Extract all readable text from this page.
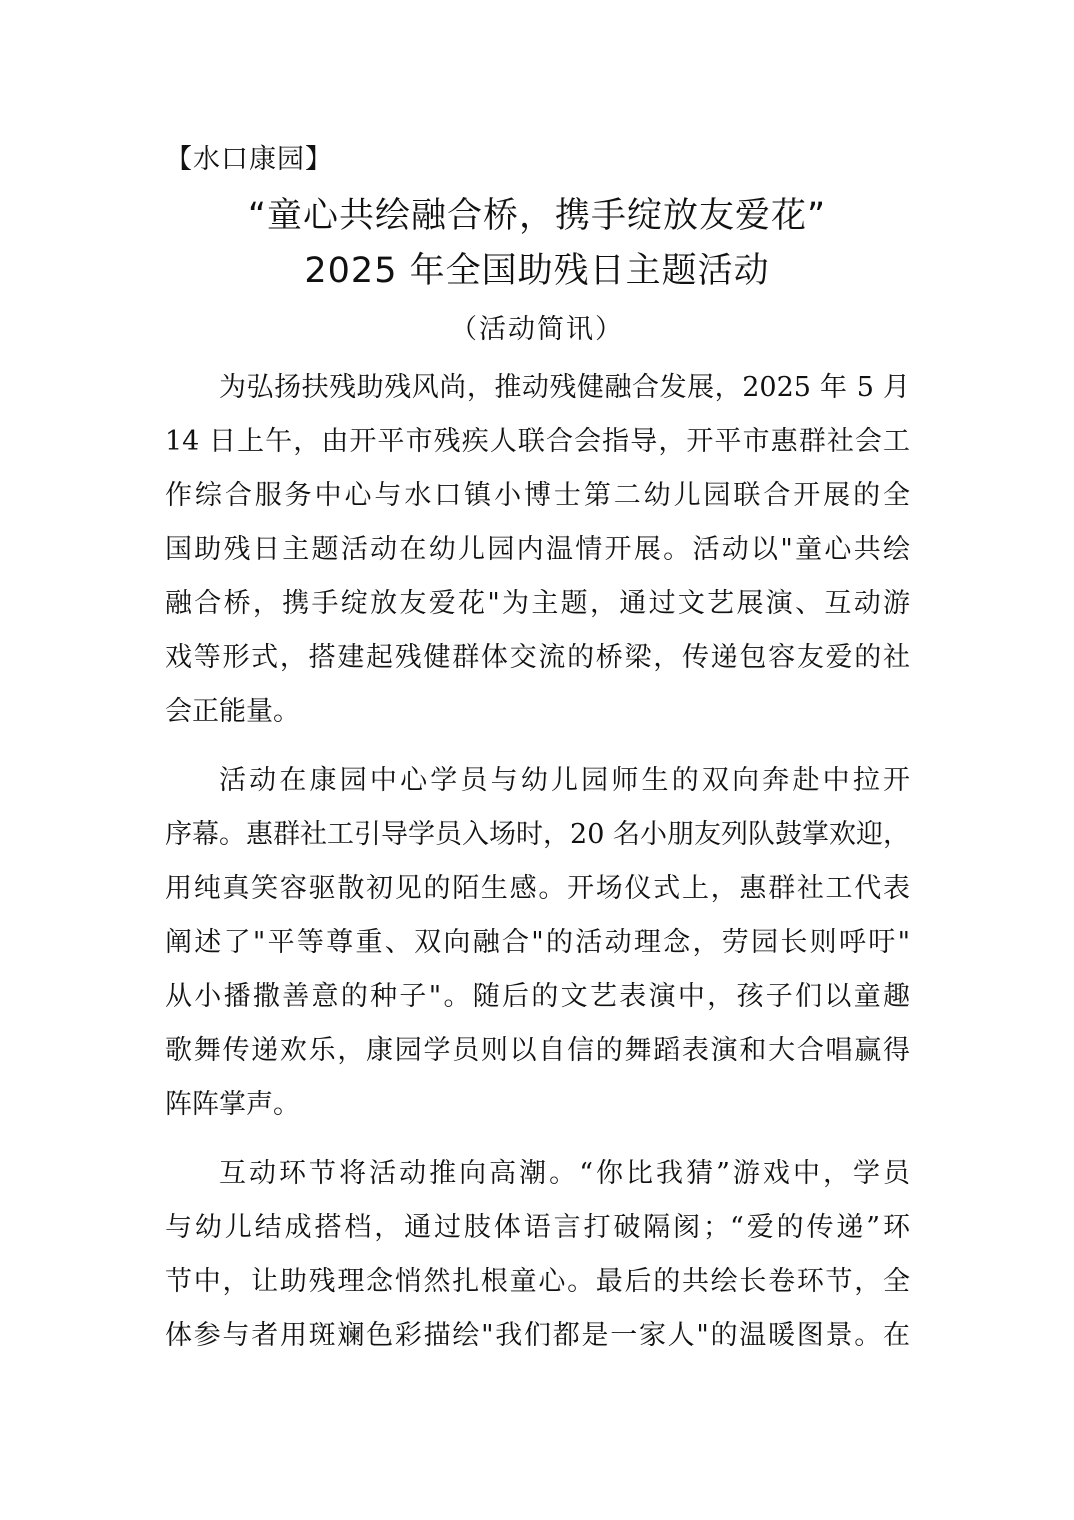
【水口康园】
“童心共绘融合桥，携手绽放友爱花”
2025 年全国助残日主题活动
（活动简讯）
为弘扬扶残助残风尚，推动残健融合发展，2025 年 5 月
14 日上午，由开平市残疾人联合会指导，开平市惠群社会工
作综合服务中心与水口镇小博士第二幼儿园联合开展的全
国助残日主题活动在幼儿园内温情开展。活动以"童心共绘
融合桥，携手绽放友爱花"为主题，通过文艺展演、互动游
戏等形式，搭建起残健群体交流的桥梁，传递包容友爱的社
会正能量。
活动在康园中心学员与幼儿园师生的双向奔赴中拉开
序幕。惠群社工引导学员入场时，20 名小朋友列队鼓掌欢迎，
用纯真笑容驱散初见的陌生感。开场仪式上，惠群社工代表
阐述了"平等尊重、双向融合"的活动理念，劳园长则呼吁"
从小播撒善意的种子"。随后的文艺表演中，孩子们以童趣
歌舞传递欢乐，康园学员则以自信的舞蹈表演和大合唱赢得
阵阵掌声。
互动环节将活动推向高潮。“你比我猜”游戏中，学员
与幼儿结成搭档，通过肢体语言打破隔阂；“爱的传递”环
节中，让助残理念悄然扎根童心。最后的共绘长卷环节，全
体参与者用斑斓色彩描绘"我们都是一家人"的温暖图景。在
